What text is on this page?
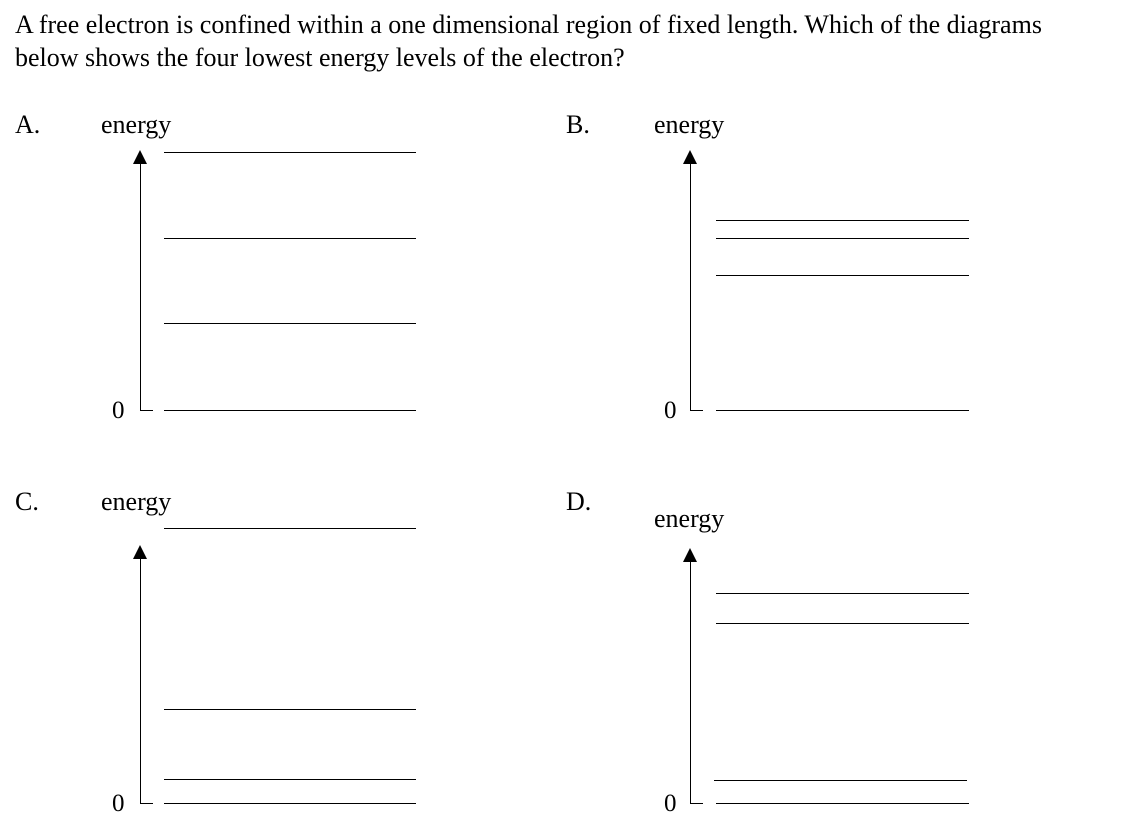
A free electron is confined within a one dimensional region of fixed length. Which of the diagrams
below shows the four lowest energy levels of the electron?
A. energy
0
B. energy
0
C. energy
0
D.
energy
0
